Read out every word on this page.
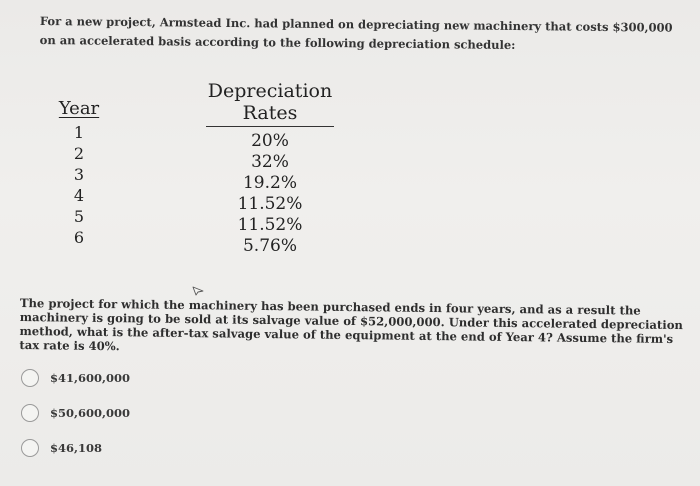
For a new project, Armstead Inc. had planned on depreciating new machinery that costs $300,000 on an accelerated basis according to the following depreciation schedule:
Year
1
2
3
4
5
6
Depreciation
Rates
20%
32%
19.2%
11.52%
11.52%
5.76%
The project for which the machinery has been purchased ends in four years, and as a result the machinery is going to be sold at its salvage value of $52,000,000. Under this accelerated depreciation method, what is the after-tax salvage value of the equipment at the end of Year 4? Assume the firm's tax rate is 40%.
$41,600,000
$50,600,000
$46,108
